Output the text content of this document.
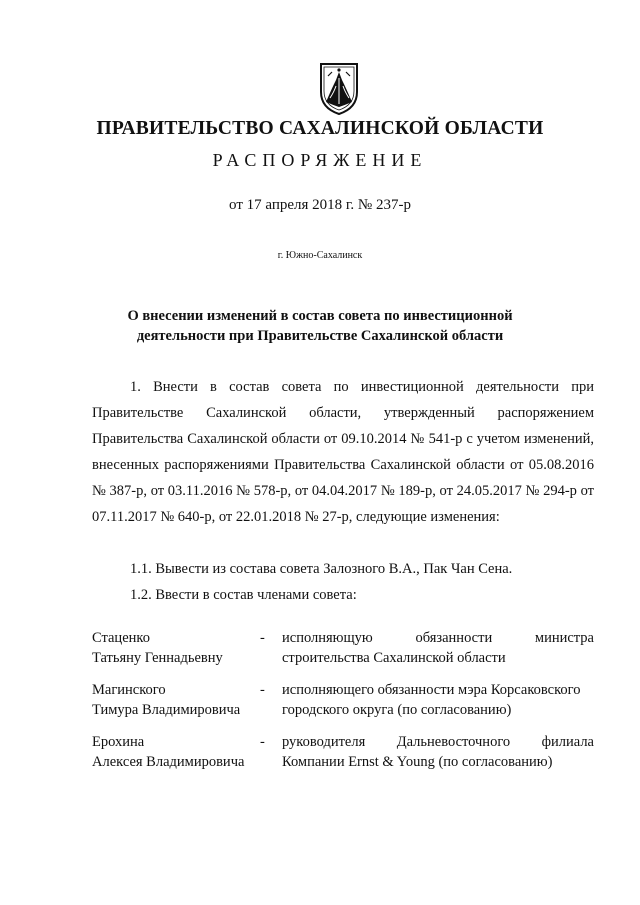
ПРАВИТЕЛЬСТВО САХАЛИНСКОЙ ОБЛАСТИ
РАСПОРЯЖЕНИЕ
от 17 апреля 2018 г. № 237-р
г. Южно-Сахалинск
О внесении изменений в состав совета по инвестиционной
деятельности при Правительстве Сахалинской области
1. Внести в состав совета по инвестиционной деятельности при Правительстве Сахалинской области, утвержденный распоряжением Правительства Сахалинской области от 09.10.2014 № 541-р с учетом изменений, внесенных распоряжениями Правительства Сахалинской области от 05.08.2016 № 387-р, от 03.11.2016 № 578-р, от 04.04.2017 № 189-р, от 24.05.2017 № 294-р от 07.11.2017 № 640-р, от 22.01.2018 № 27-р, следующие изменения:
1.1. Вывести из состава совета Залозного В.А., Пак Чан Сена.
1.2. Ввести в состав членами совета:
Стаценко
Татьяну Геннадьевну
- исполняющую обязанности министра
строительства Сахалинской области
Магинского
Тимура Владимировича
- исполняющего обязанности мэра Корсаковского
городского округа (по согласованию)
Ерохина
Алексея Владимировича
- руководителя Дальневосточного филиала
Компании Ernst & Young (по согласованию)
